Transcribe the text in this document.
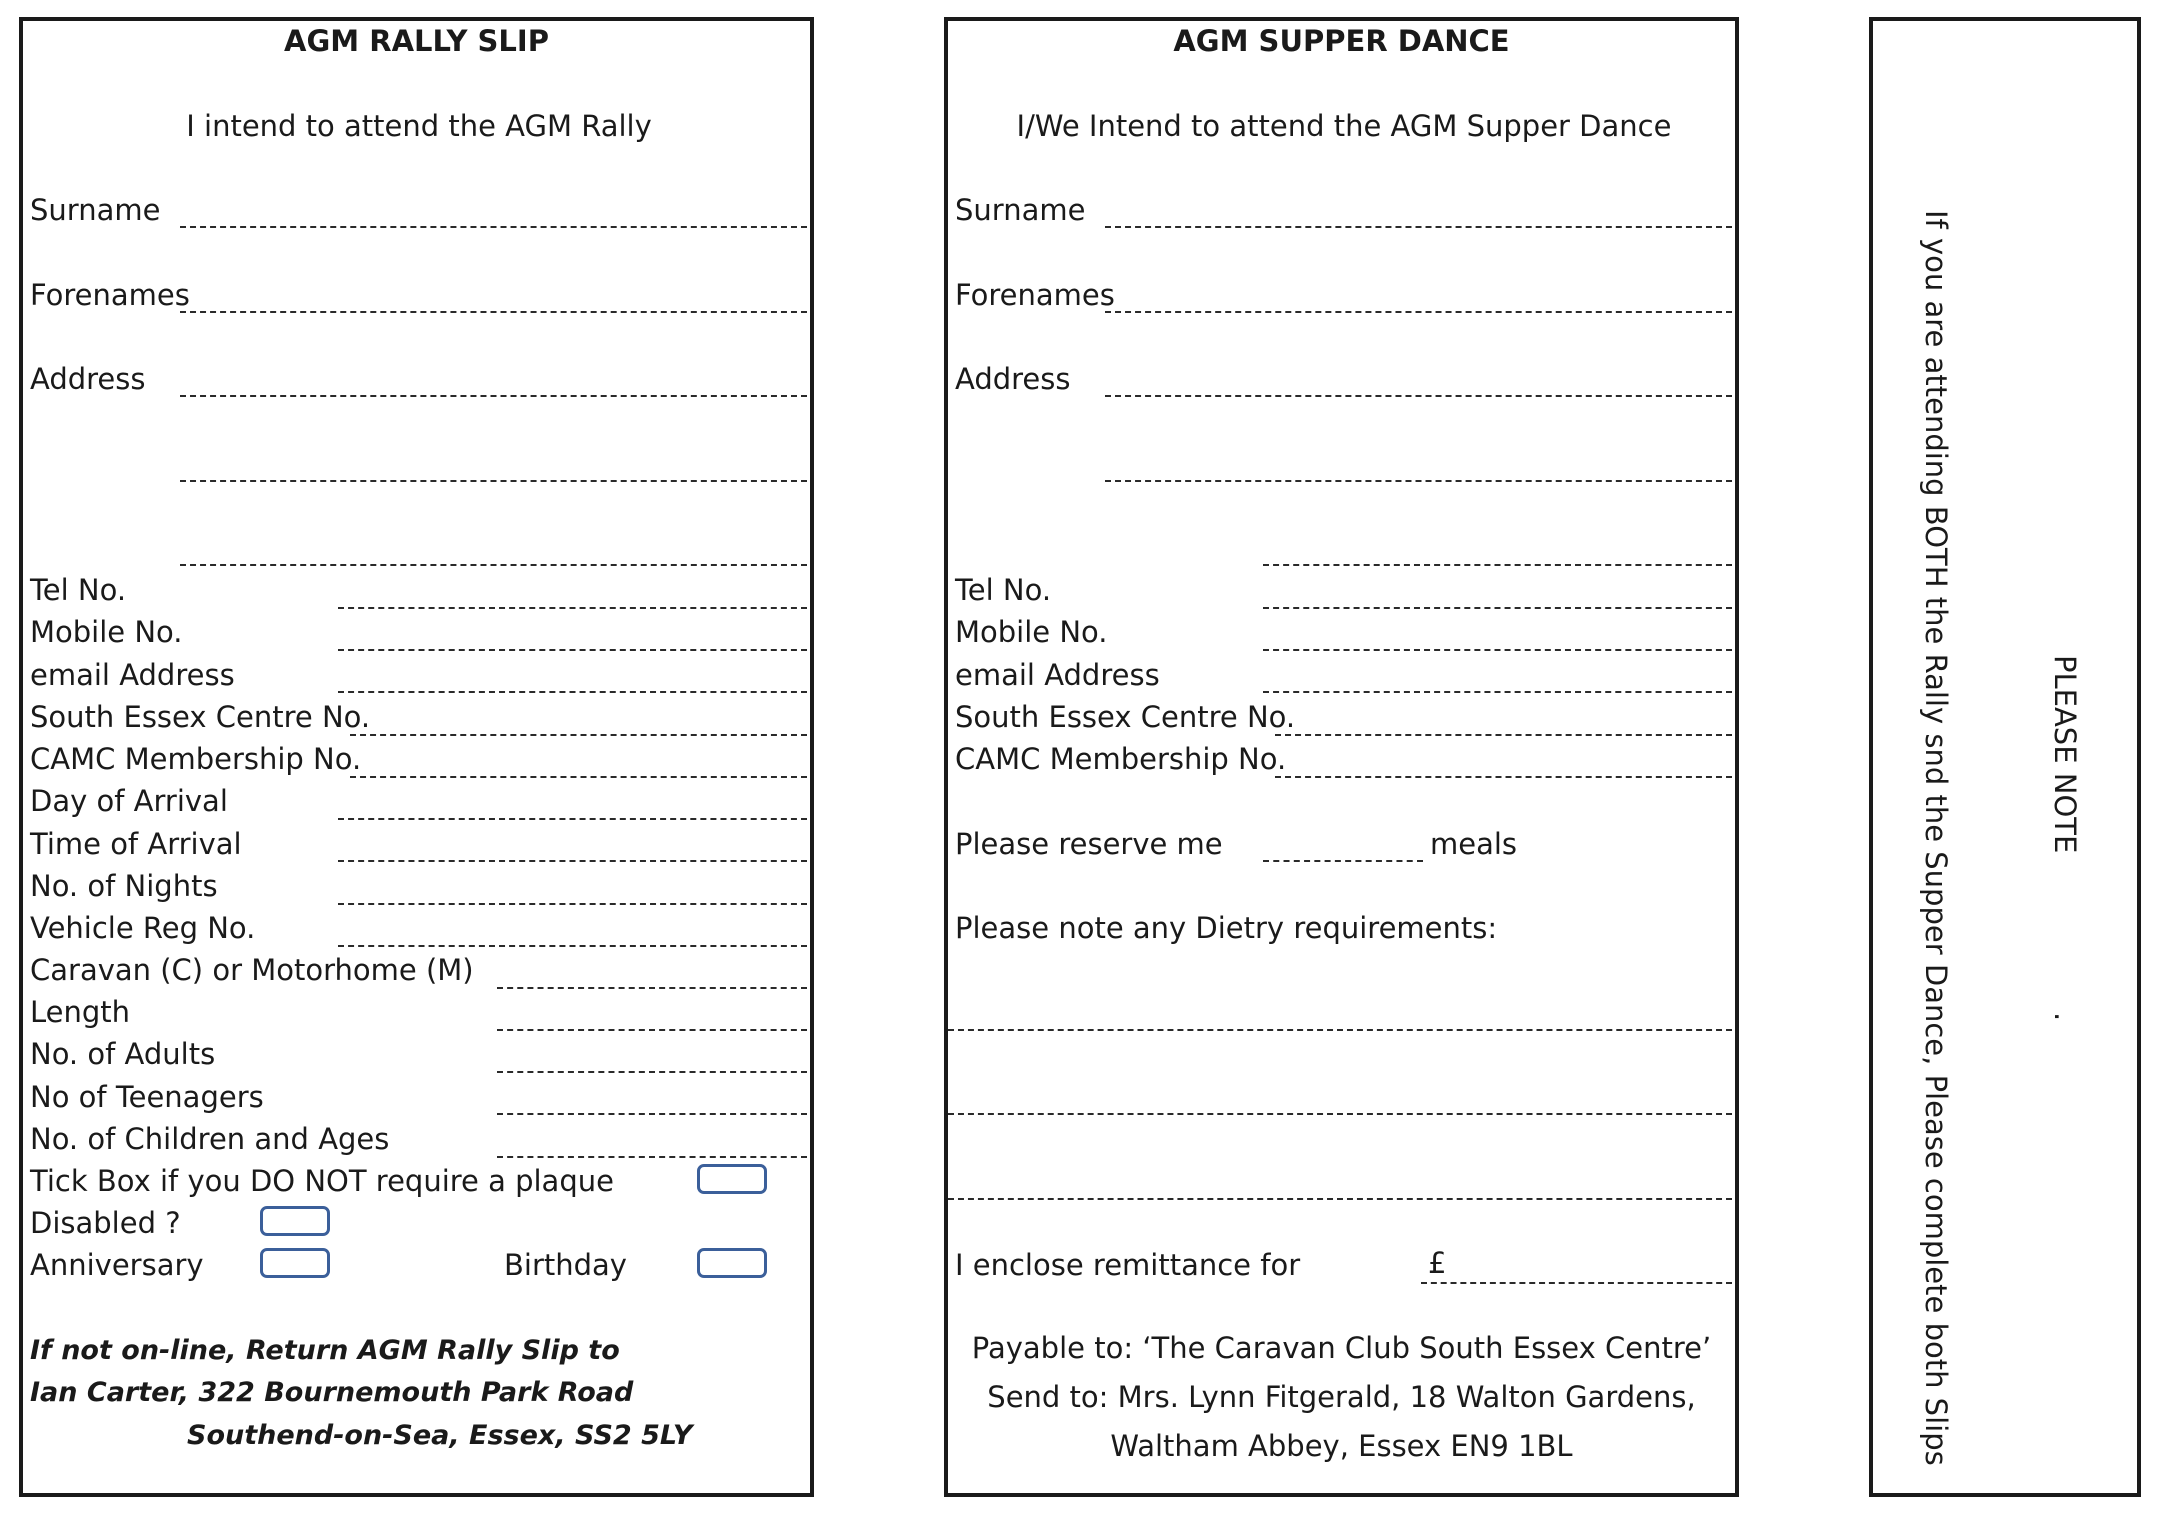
AGM RALLY SLIP
I intend to attend the AGM Rally
Surname
Forenames
Address
Tel No.
Mobile No.
email Address
South Essex Centre No.
CAMC Membership No.
Day of Arrival
Time of Arrival
No. of Nights
Vehicle Reg No.
Caravan (C) or Motorhome (M)
Length
No. of Adults
No of Teenagers
No. of Children and Ages
Tick Box if you DO NOT require a plaque
Disabled ?
Anniversary	Birthday
If not on-line, Return AGM Rally Slip to
Ian Carter, 322 Bournemouth Park Road
Southend-on-Sea, Essex, SS2 5LY
AGM SUPPER DANCE
I/We Intend to attend the AGM Supper Dance
Surname
Forenames
Address
Tel No.
Mobile No.
email Address
South Essex Centre No.
CAMC Membership No.
Please reserve me	meals
Please note any Dietry requirements:
I enclose remittance for	£
Payable to: ‘The Caravan Club South Essex Centre’
Send to: Mrs. Lynn Fitgerald, 18 Walton Gardens,
Waltham Abbey, Essex EN9 1BL
PLEASE NOTE
.
If you are attending BOTH the Rally snd the Supper Dance, Please complete both Slips
